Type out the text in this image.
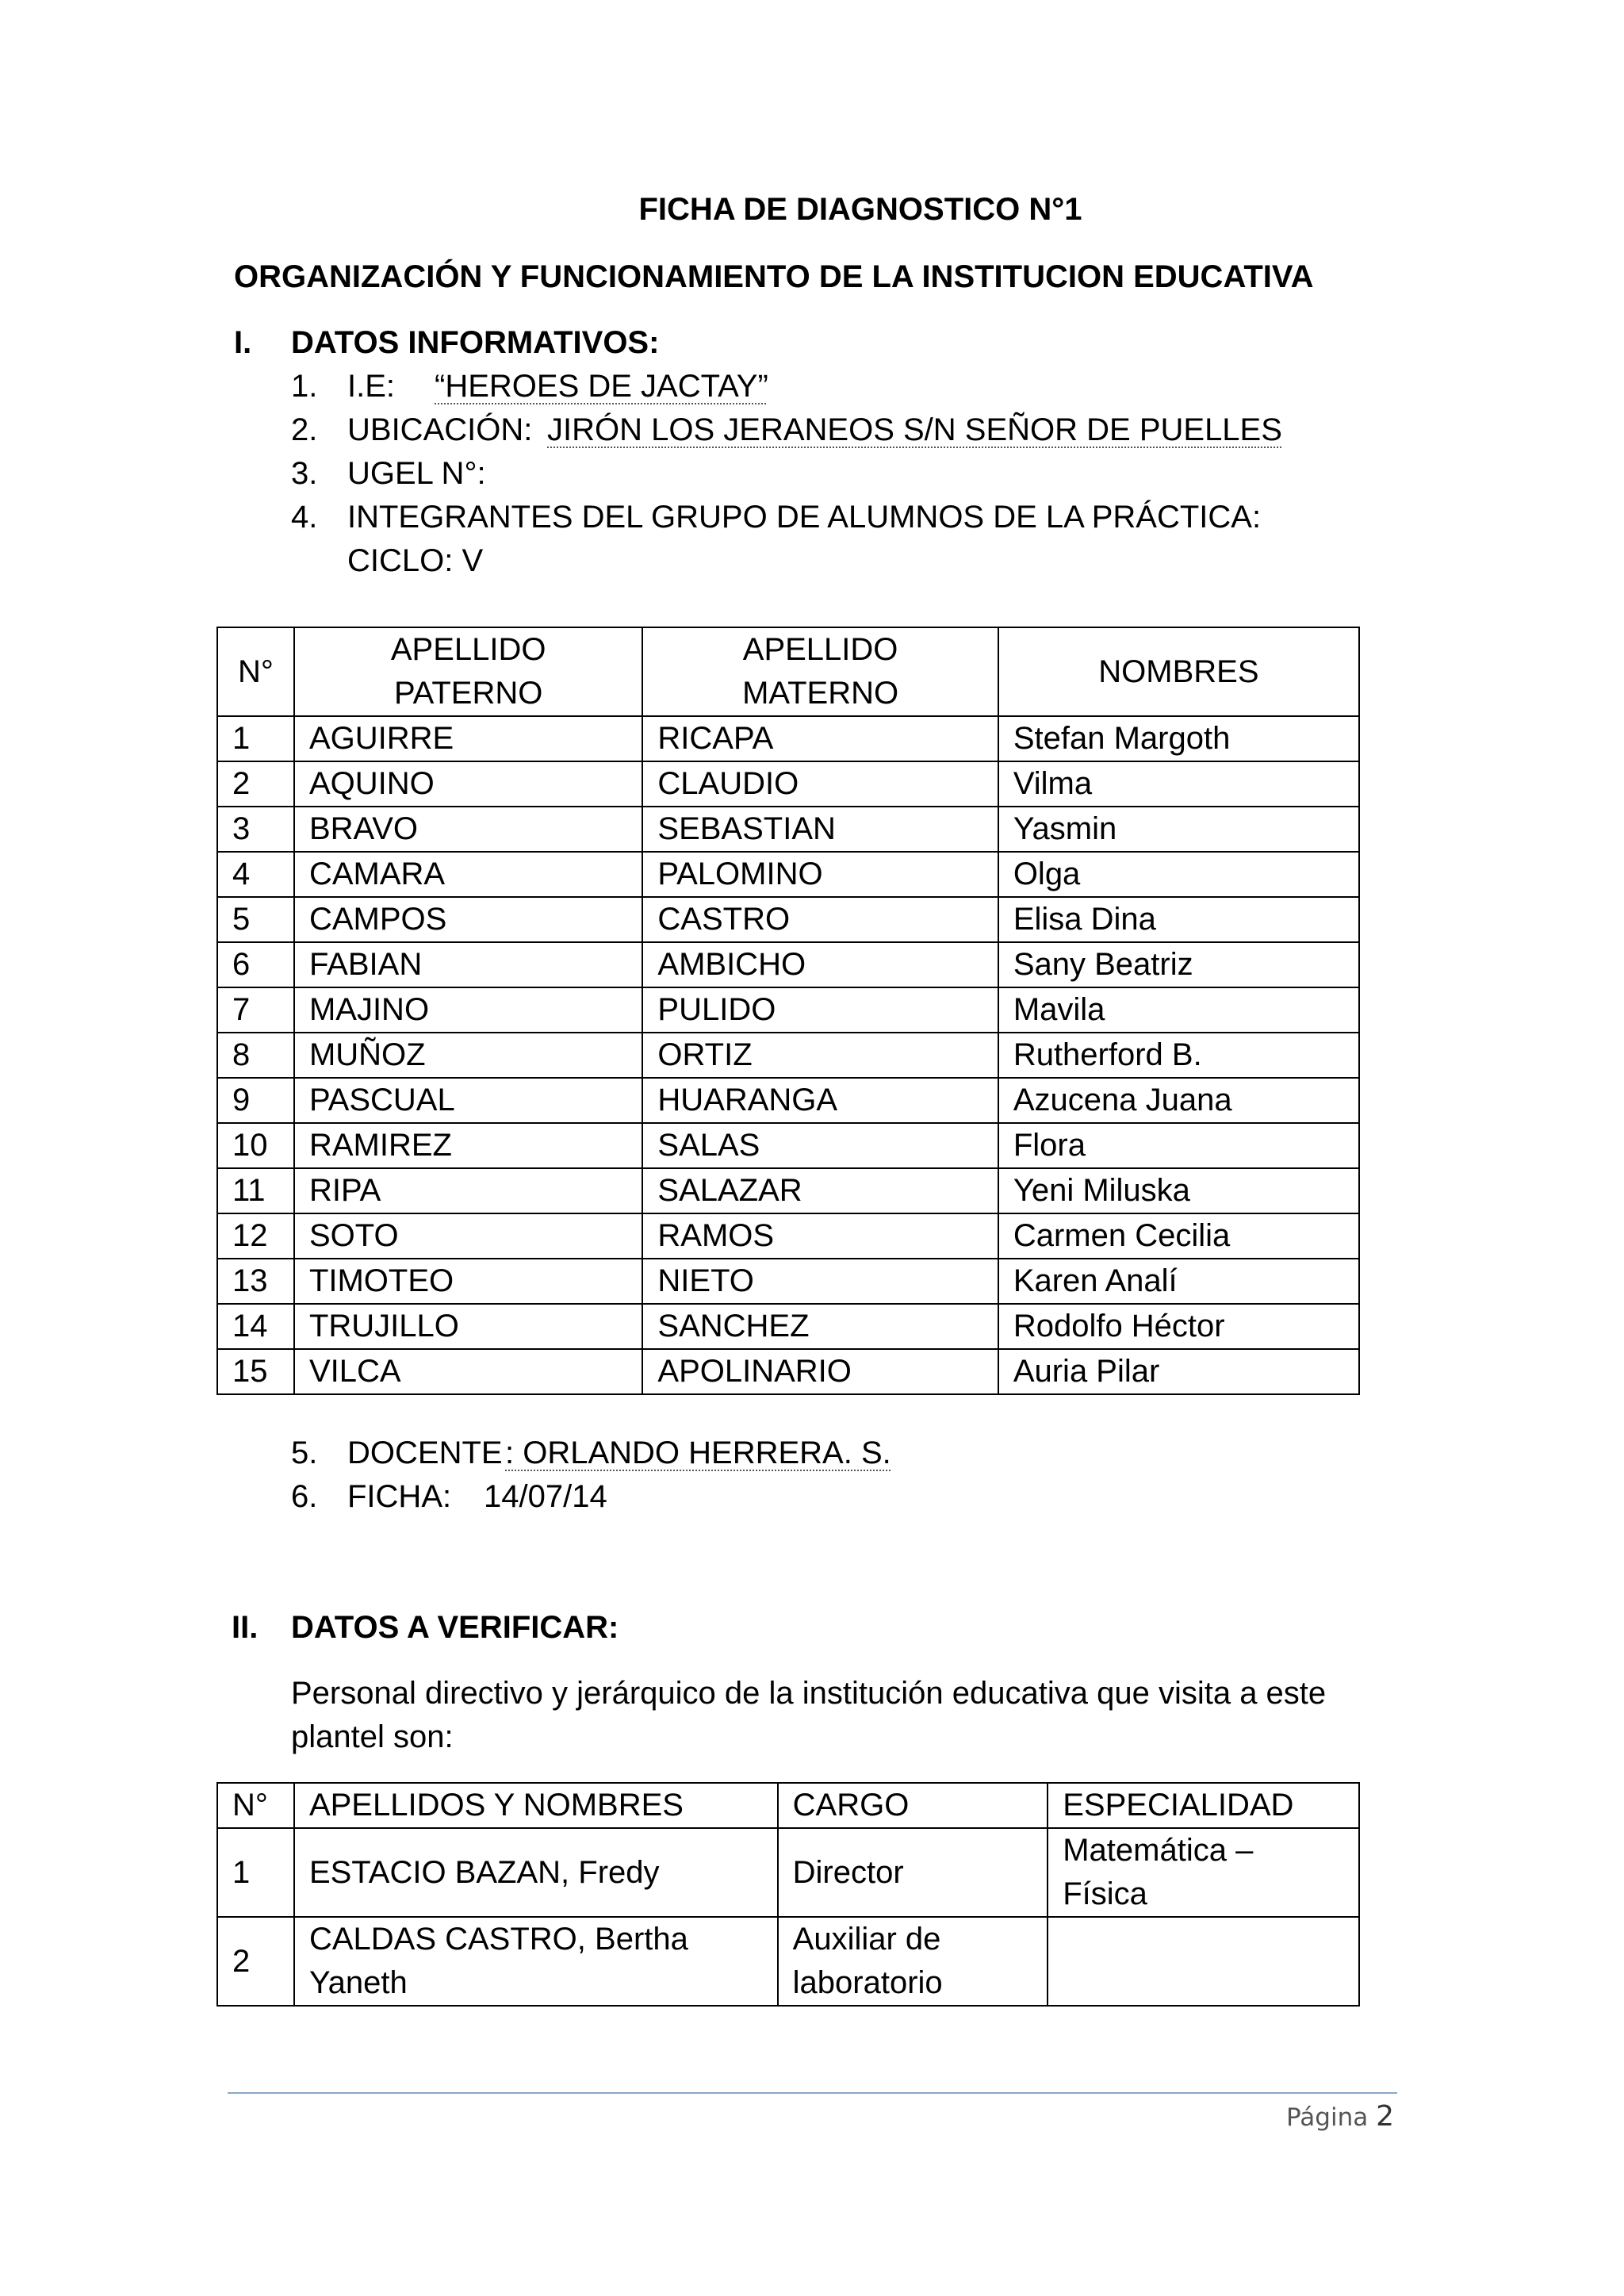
FICHA DE DIAGNOSTICO N°1
ORGANIZACIÓN Y FUNCIONAMIENTO DE LA INSTITUCION EDUCATIVA
I. DATOS INFORMATIVOS:
1. I.E: “HEROES DE JACTAY”
2. UBICACIÓN: JIRÓN LOS JERANEOS S/N SEÑOR DE PUELLES
3. UGEL N°:
4. INTEGRANTES DEL GRUPO DE ALUMNOS DE LA PRÁCTICA:
CICLO: V
N°	APELLIDO PATERNO	APELLIDO MATERNO	NOMBRES
1	AGUIRRE	RICAPA	Stefan Margoth
2	AQUINO	CLAUDIO	Vilma
3	BRAVO	SEBASTIAN	Yasmin
4	CAMARA	PALOMINO	Olga
5	CAMPOS	CASTRO	Elisa Dina
6	FABIAN	AMBICHO	Sany Beatriz
7	MAJINO	PULIDO	Mavila
8	MUÑOZ	ORTIZ	Rutherford B.
9	PASCUAL	HUARANGA	Azucena Juana
10	RAMIREZ	SALAS	Flora
11	RIPA	SALAZAR	Yeni Miluska
12	SOTO	RAMOS	Carmen Cecilia
13	TIMOTEO	NIETO	Karen Analí
14	TRUJILLO	SANCHEZ	Rodolfo Héctor
15	VILCA	APOLINARIO	Auria Pilar
5. DOCENTE : ORLANDO HERRERA. S.
6. FICHA: 14/07/14
II. DATOS A VERIFICAR:
Personal directivo y jerárquico de la institución educativa que visita a este plantel son:
N°	APELLIDOS Y NOMBRES	CARGO	ESPECIALIDAD
1	ESTACIO BAZAN, Fredy	Director	Matemática – Física
2	CALDAS CASTRO, Bertha Yaneth	Auxiliar de laboratorio	
Página 2
